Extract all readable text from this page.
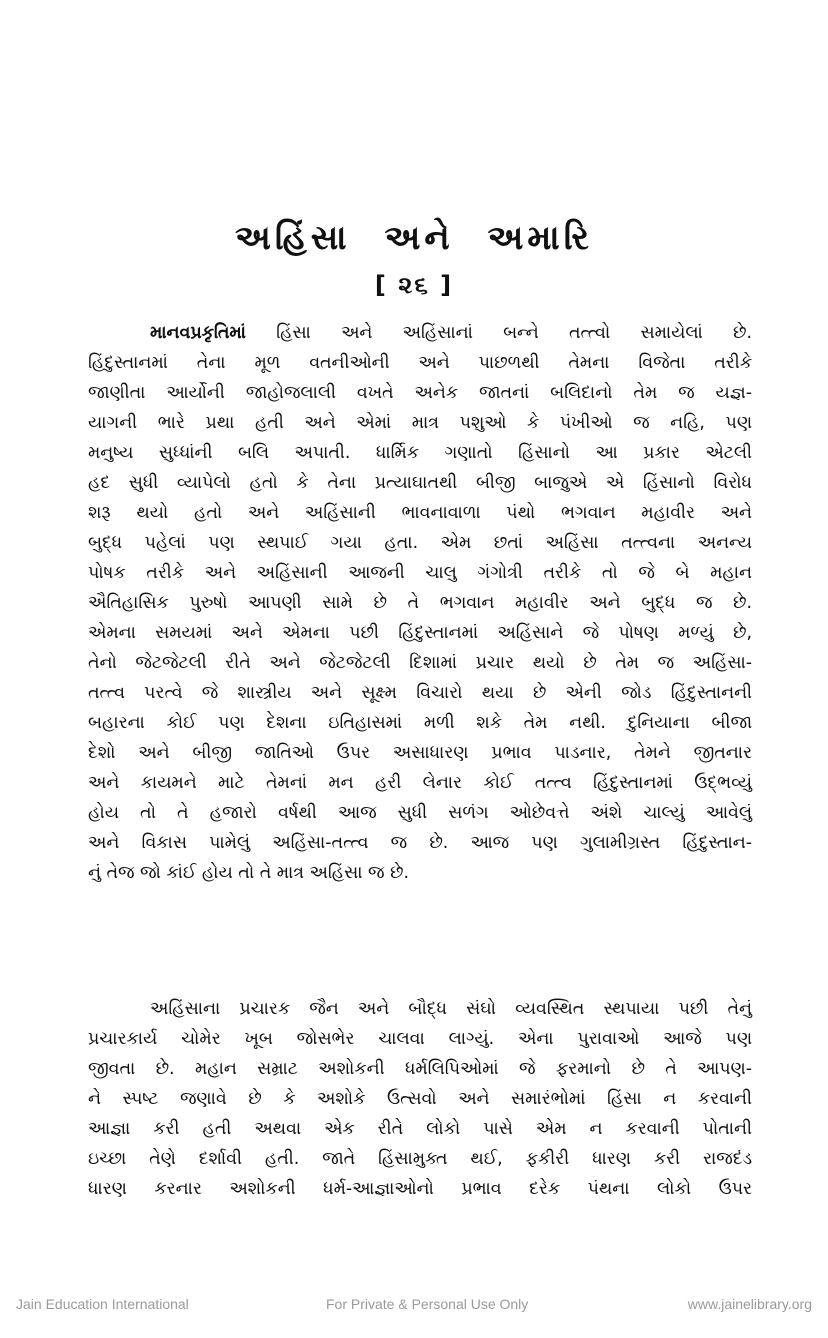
અહિંસા અને અમારિ
[ ૨૬ ]
માનવપ્રકૃતિમાં હિંસા અને અહિંસાનાં બન્ને તત્ત્વો સમાયેલાં છે.
હિંદુસ્તાનમાં તેના મૂળ વતનીઓની અને પાછળથી તેમના વિજેતા તરીકે
જાણીતા આર્યોની જાહોજલાલી વખતે અનેક જાતનાં બલિદાનો તેમ જ યજ્ઞ-
યાગની ભારે પ્રથા હતી અને એમાં માત્ર પશુઓ કે પંખીઓ જ નહિ, પણ
મનુષ્ય સુધ્ધાંની બલિ અપાતી. ધાર્મિક ગણાતો હિંસાનો આ પ્રકાર એટલી
હદ સુધી વ્યાપેલો હતો કે તેના પ્રત્યાઘાતથી બીજી બાજુએ એ હિંસાનો વિરોધ
શરૂ થયો હતો અને અહિંસાની ભાવનાવાળા પંથો ભગવાન મહાવીર અને
બુદ્ધ પહેલાં પણ સ્થપાઈ ગયા હતા. એમ છતાં અહિંસા તત્ત્વના અનન્ય
પોષક તરીકે અને અહિંસાની આજની ચાલુ ગંગોત્રી તરીકે તો જે બે મહાન
ઐતિહાસિક પુરુષો આપણી સામે છે તે ભગવાન મહાવીર અને બુદ્ધ જ છે.
એમના સમયમાં અને એમના પછી હિંદુસ્તાનમાં અહિંસાને જે પોષણ મળ્યું છે,
તેનો જેટજેટલી રીતે અને જેટજેટલી દિશામાં પ્રચાર થયો છે તેમ જ અહિંસા-
તત્ત્વ પરત્વે જે શાસ્ત્રીય અને સૂક્ષ્મ વિચારો થયા છે એની જોડ હિંદુસ્તાનની
બહારના કોઈ પણ દેશના ઇતિહાસમાં મળી શકે તેમ નથી. દુનિયાના બીજા
દેશો અને બીજી જાતિઓ ઉપર અસાધારણ પ્રભાવ પાડનાર, તેમને જીતનાર
અને કાયમને માટે તેમનાં મન હરી લેનાર કોઈ તત્ત્વ હિંદુસ્તાનમાં ઉદ્ભવ્યું
હોય તો તે હજારો વર્ષથી આજ સુધી સળંગ ઓછેવત્તે અંશે ચાલ્યું આવેલું
અને વિકાસ પામેલું અહિંસા-તત્ત્વ જ છે. આજ પણ ગુલામીગ્રસ્ત હિંદુસ્તાન-
નું તેજ જો કાંઈ હોય તો તે માત્ર અહિંસા જ છે.
અહિંસાના પ્રચારક જૈન અને બૌદ્ધ સંઘો વ્યવસ્થિત સ્થપાયા પછી તેનું
પ્રચારકાર્ય ચોમેર ખૂબ જોસભેર ચાલવા લાગ્યું. એના પુરાવાઓ આજે પણ
જીવતા છે. મહાન સમ્રાટ અશોકની ધર્મલિપિઓમાં જે ફરમાનો છે તે આપણ-
ને સ્પષ્ટ જણાવે છે કે અશોકે ઉત્સવો અને સમારંભોમાં હિંસા ન કરવાની
આજ્ઞા કરી હતી અથવા એક રીતે લોકો પાસે એમ ન કરવાની પોતાની
ઇચ્છા તેણે દર્શાવી હતી. જાતે હિંસામુક્ત થઈ, ફકીરી ધારણ કરી રાજદંડ
ધારણ કરનાર અશોકની ધર્મ-આજ્ઞાઓનો પ્રભાવ દરેક પંથના લોકો ઉપર
Jain Education International	For Private & Personal Use Only	www.jainelibrary.org
